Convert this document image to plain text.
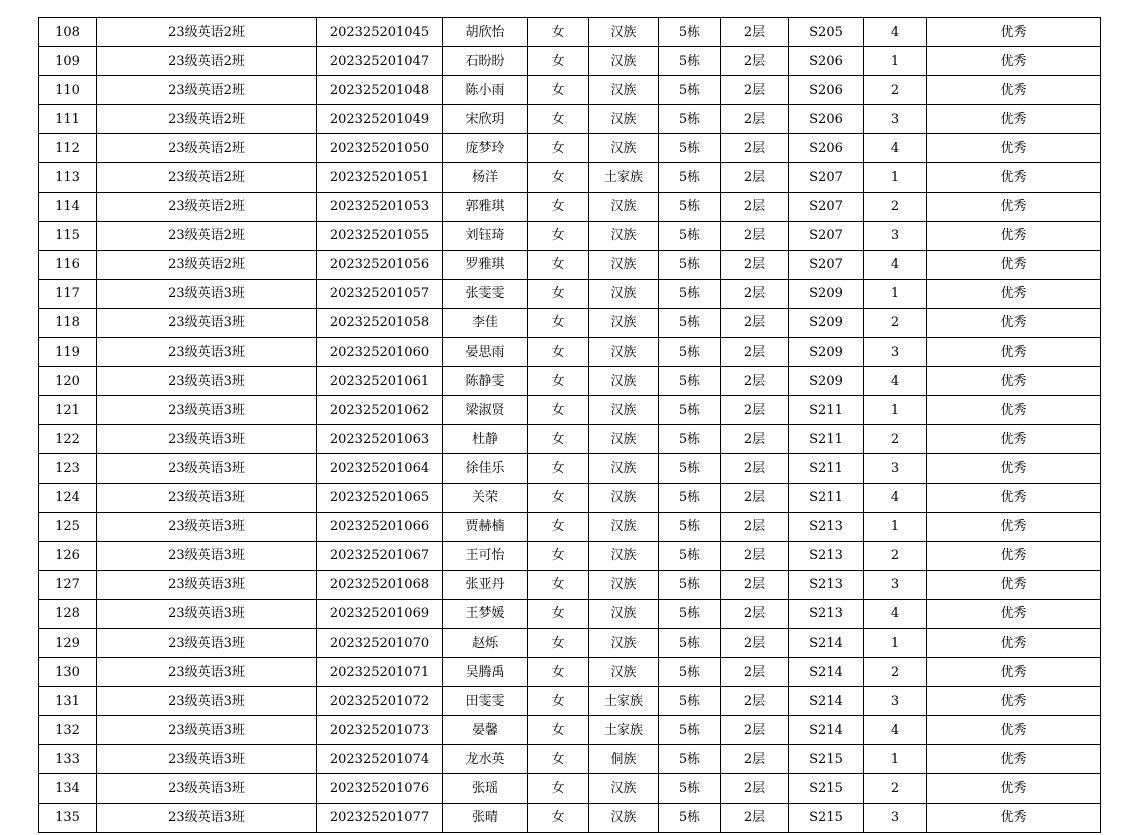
108	23级英语2班	202325201045	胡欣怡	女	汉族	5栋	2层	S205	4	优秀
109	23级英语2班	202325201047	石盼盼	女	汉族	5栋	2层	S206	1	优秀
110	23级英语2班	202325201048	陈小雨	女	汉族	5栋	2层	S206	2	优秀
111	23级英语2班	202325201049	宋欣玥	女	汉族	5栋	2层	S206	3	优秀
112	23级英语2班	202325201050	庞梦玲	女	汉族	5栋	2层	S206	4	优秀
113	23级英语2班	202325201051	杨洋	女	土家族	5栋	2层	S207	1	优秀
114	23级英语2班	202325201053	郭雅琪	女	汉族	5栋	2层	S207	2	优秀
115	23级英语2班	202325201055	刘钰琦	女	汉族	5栋	2层	S207	3	优秀
116	23级英语2班	202325201056	罗雅琪	女	汉族	5栋	2层	S207	4	优秀
117	23级英语3班	202325201057	张雯雯	女	汉族	5栋	2层	S209	1	优秀
118	23级英语3班	202325201058	李佳	女	汉族	5栋	2层	S209	2	优秀
119	23级英语3班	202325201060	晏思雨	女	汉族	5栋	2层	S209	3	优秀
120	23级英语3班	202325201061	陈静雯	女	汉族	5栋	2层	S209	4	优秀
121	23级英语3班	202325201062	梁淑贤	女	汉族	5栋	2层	S211	1	优秀
122	23级英语3班	202325201063	杜静	女	汉族	5栋	2层	S211	2	优秀
123	23级英语3班	202325201064	徐佳乐	女	汉族	5栋	2层	S211	3	优秀
124	23级英语3班	202325201065	关荣	女	汉族	5栋	2层	S211	4	优秀
125	23级英语3班	202325201066	贾赫楠	女	汉族	5栋	2层	S213	1	优秀
126	23级英语3班	202325201067	王可怡	女	汉族	5栋	2层	S213	2	优秀
127	23级英语3班	202325201068	张亚丹	女	汉族	5栋	2层	S213	3	优秀
128	23级英语3班	202325201069	王梦媛	女	汉族	5栋	2层	S213	4	优秀
129	23级英语3班	202325201070	赵烁	女	汉族	5栋	2层	S214	1	优秀
130	23级英语3班	202325201071	吴腾禹	女	汉族	5栋	2层	S214	2	优秀
131	23级英语3班	202325201072	田雯雯	女	土家族	5栋	2层	S214	3	优秀
132	23级英语3班	202325201073	晏馨	女	土家族	5栋	2层	S214	4	优秀
133	23级英语3班	202325201074	龙水英	女	侗族	5栋	2层	S215	1	优秀
134	23级英语3班	202325201076	张瑶	女	汉族	5栋	2层	S215	2	优秀
135	23级英语3班	202325201077	张晴	女	汉族	5栋	2层	S215	3	优秀
